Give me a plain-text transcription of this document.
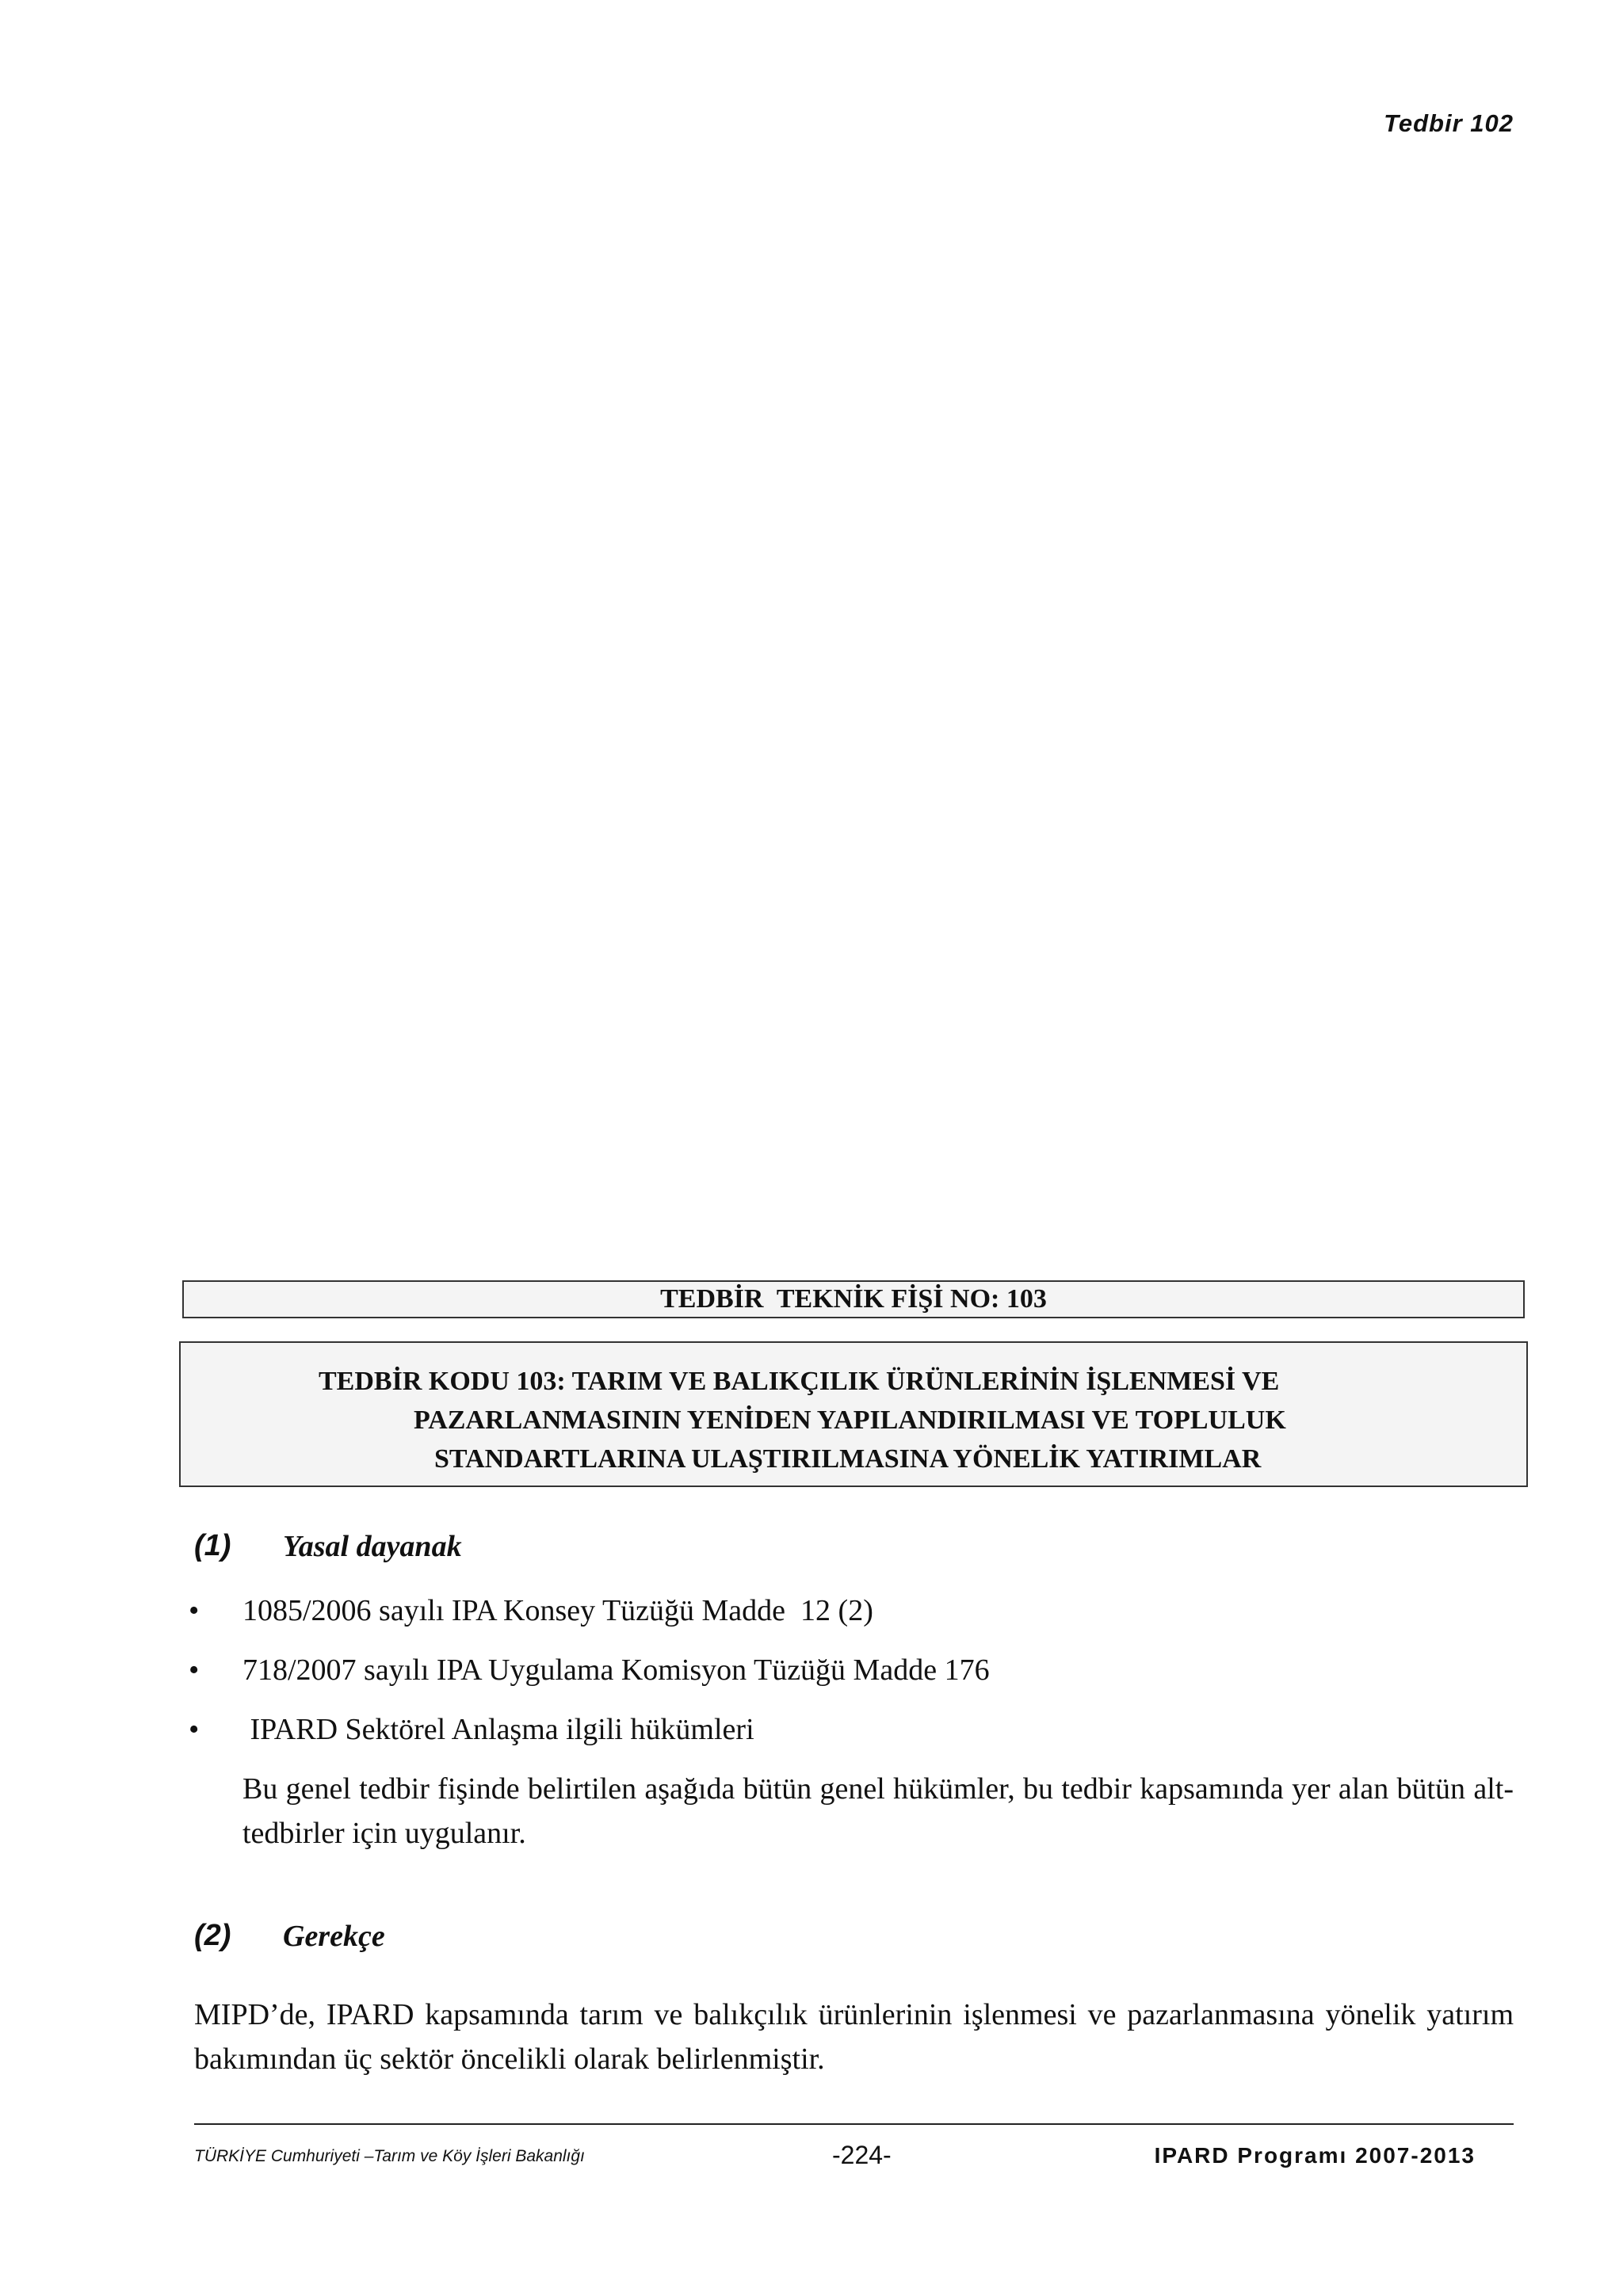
Tedbir 102
TEDBİR  TEKNİK FİŞİ NO: 103
TEDBİR KODU 103: TARIM VE BALIKÇILIK ÜRÜNLERİNİN İŞLENMESİ VE
PAZARLANMASININ YENİDEN YAPILANDIRILMASI VE TOPLULUK
STANDARTLARINA ULAŞTIRILMASINA YÖNELİK YATIRIMLAR
(1) Yasal dayanak
• 1085/2006 sayılı IPA Konsey Tüzüğü Madde  12 (2)
• 718/2007 sayılı IPA Uygulama Komisyon Tüzüğü Madde 176
• IPARD Sektörel Anlaşma ilgili hükümleri

Bu genel tedbir fişinde belirtilen aşağıda bütün genel hükümler, bu tedbir kapsamında yer alan bütün alt-tedbirler için uygulanır.

(2) Gerekçe

MIPD’de, IPARD kapsamında tarım ve balıkçılık ürünlerinin işlenmesi ve pazarlanmasına yönelik yatırım bakımından üç sektör öncelikli olarak belirlenmiştir.

TÜRKİYE Cumhuriyeti –Tarım ve Köy İşleri Bakanlığı	-224-	IPARD Programı 2007-2013
